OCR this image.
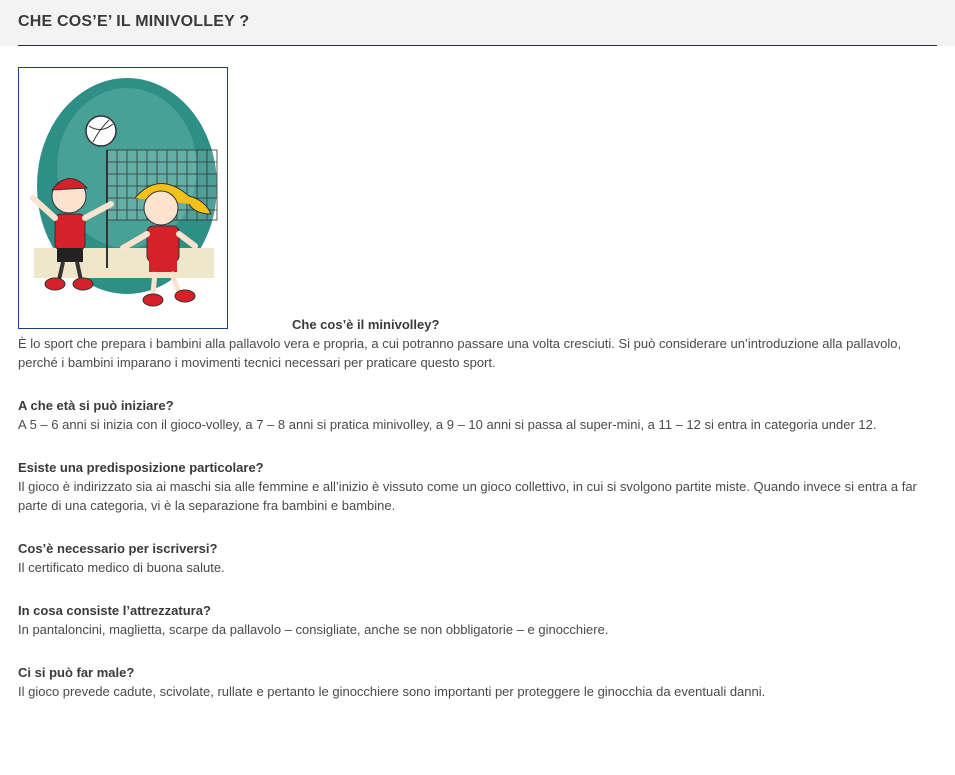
CHE COS’E’ IL MINIVOLLEY ?
Che cos’è il minivolley?

È lo sport che prepara i bambini alla pallavolo vera e propria, a cui potranno passare una volta cresciuti. Si può considerare un’introduzione alla pallavolo, perché i bambini imparano i movimenti tecnici necessari per praticare questo sport.

A che età si può iniziare?

A 5 – 6 anni si inizia con il gioco-volley, a 7 – 8 anni si pratica minivolley, a 9 – 10 anni si passa al super-mini, a 11 – 12 si entra in categoria under 12.

Esiste una predisposizione particolare?

Il gioco è indirizzato sia ai maschi sia alle femmine e all’inizio è vissuto come un gioco collettivo, in cui si svolgono partite miste. Quando invece si entra a far parte di una categoria, vi è la separazione fra bambini e bambine.

Cos’è necessario per iscriversi?

Il certificato medico di buona salute.

In cosa consiste l’attrezzatura?

In pantaloncini, maglietta, scarpe da pallavolo – consigliate, anche se non obbligatorie – e ginocchiere.

Ci si può far male?

Il gioco prevede cadute, scivolate, rullate e pertanto le ginocchiere sono importanti per proteggere le ginocchia da eventuali danni.
